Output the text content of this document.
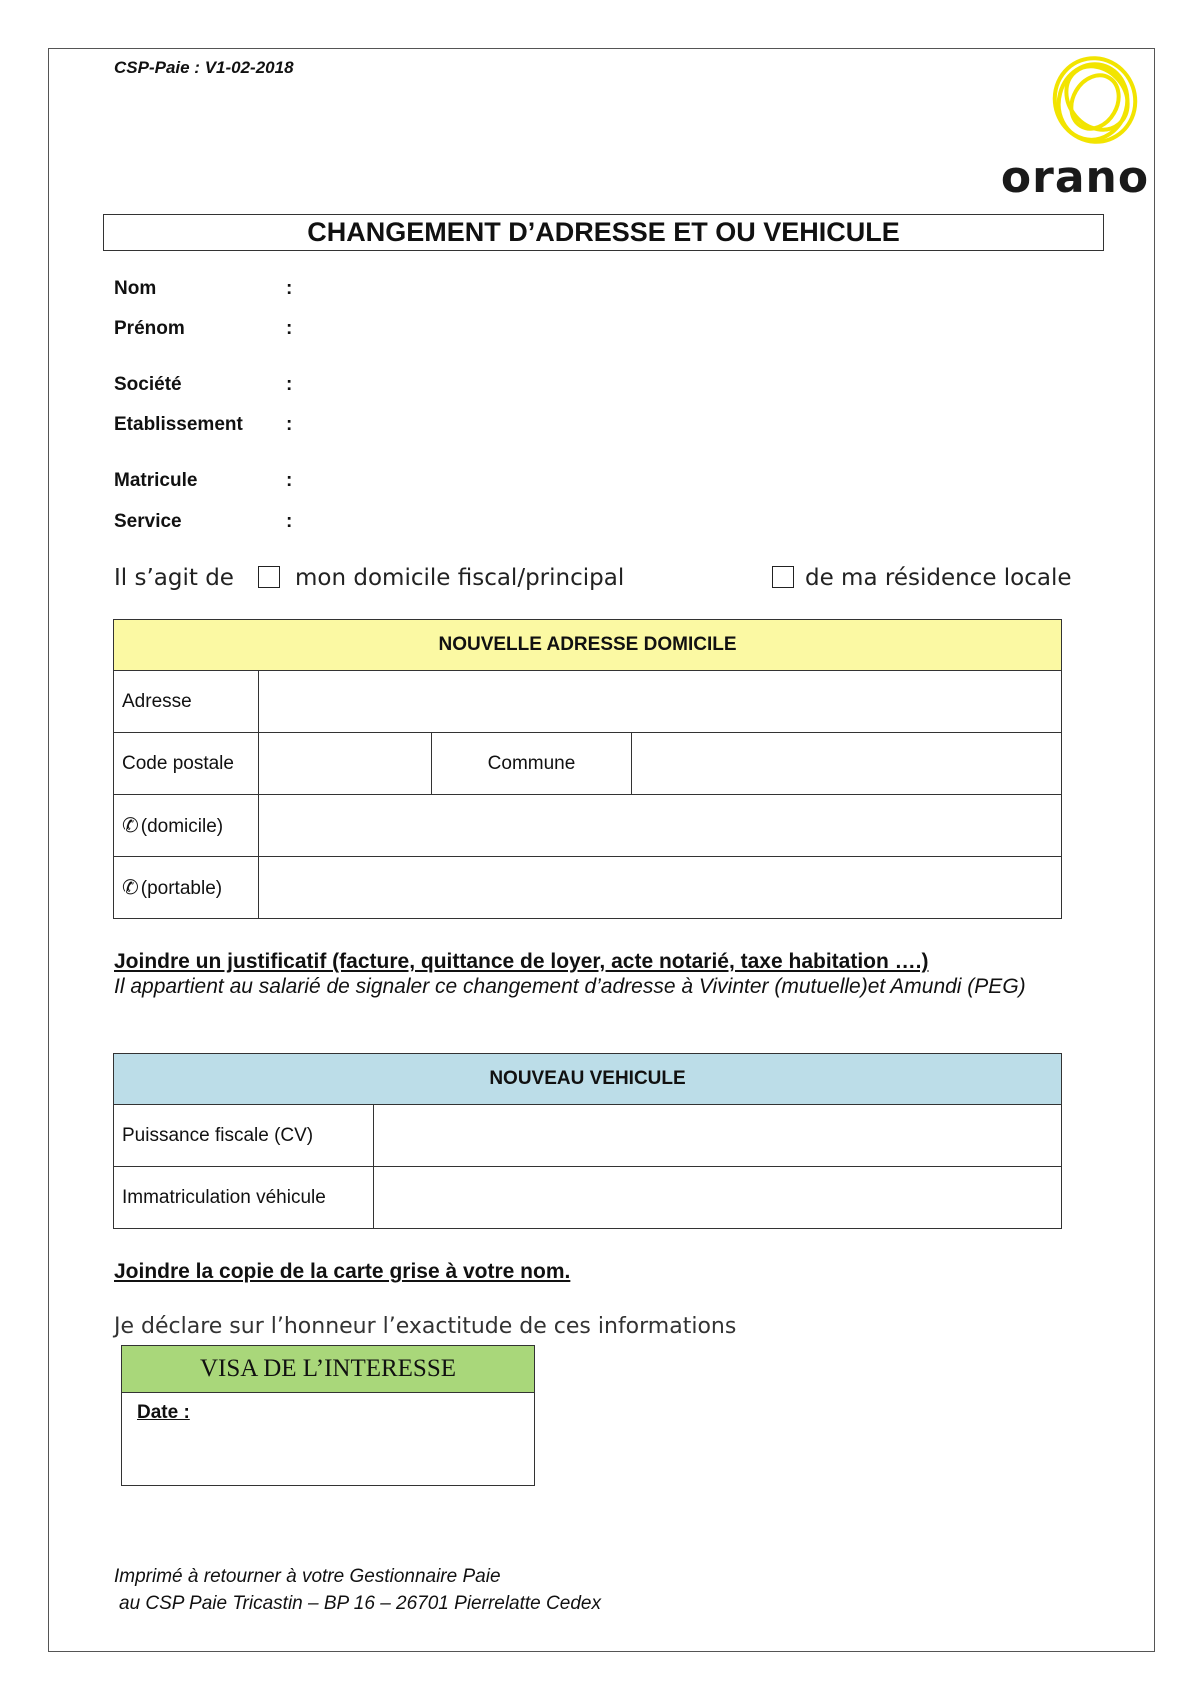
CSP-Paie : V1-02-2018
orano
CHANGEMENT D’ADRESSE ET OU VEHICULE
Nom	:
Prénom	:
Société	:
Etablissement :
Matricule	:
Service	:
Il s’agit de	mon domicile fiscal/principal	de ma résidence locale
NOUVELLE ADRESSE DOMICILE			
Adresse			
Code postale		Commune	
✆ (domicile)			
✆ (portable)			
Joindre un justificatif (facture, quittance de loyer, acte notarié, taxe habitation ….)
Il appartient au salarié de signaler ce changement d’adresse à Vivinter (mutuelle)et Amundi (PEG)
NOUVEAU VEHICULE	
Puissance fiscale (CV)	
Immatriculation véhicule	
Joindre la copie de la carte grise à votre nom.
Je déclare sur l’honneur l’exactitude de ces informations
VISA DE L’INTERESSE
Date :
Imprimé à retourner à votre Gestionnaire Paie
au CSP Paie Tricastin – BP 16 – 26701 Pierrelatte Cedex
